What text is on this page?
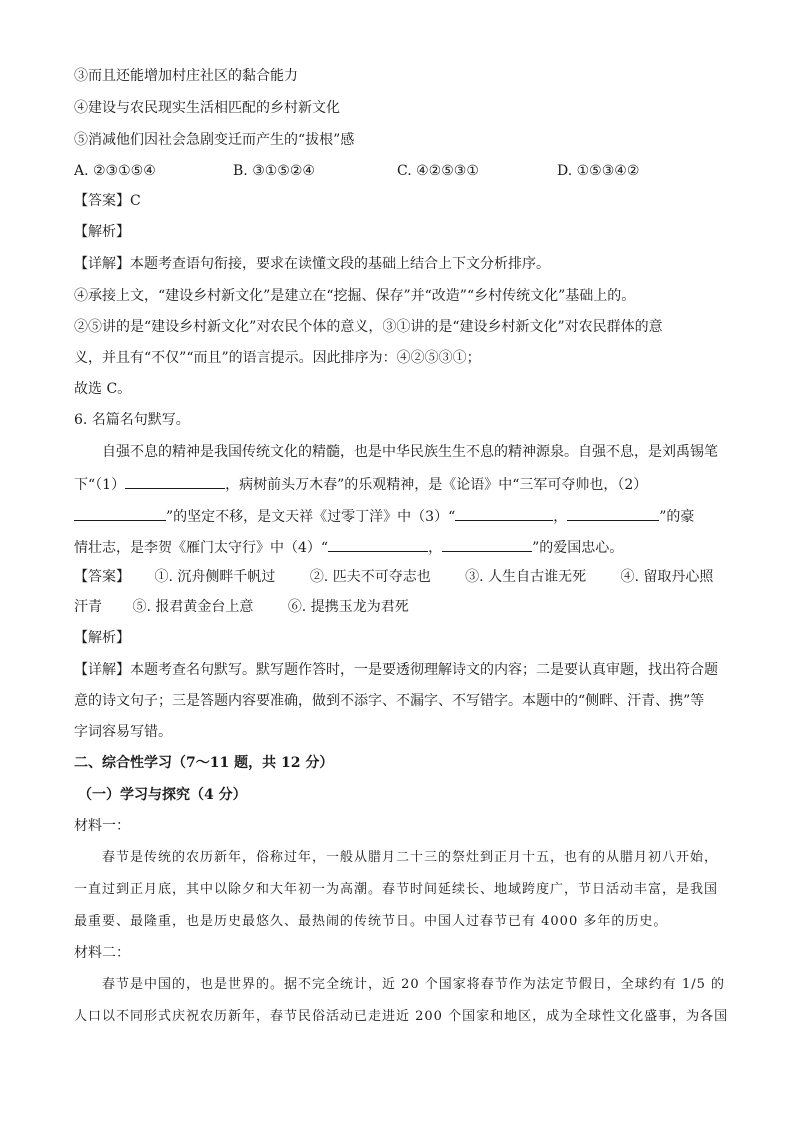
③而且还能增加村庄社区的黏合能力
④建设与农民现实生活相匹配的乡村新文化
⑤消减他们因社会急剧变迁而产生的“拔根”感
A. ②③①⑤④	B. ③①⑤②④	C. ④②⑤③①	D. ①⑤③④②
【答案】C
【解析】
【详解】本题考查语句衔接，要求在读懂文段的基础上结合上下文分析排序。
④承接上文，“建设乡村新文化”是建立在“挖掘、保存”并“改造”“乡村传统文化”基础上的。
②⑤讲的是“建设乡村新文化”对农民个体的意义，③①讲的是“建设乡村新文化”对农民群体的意
义，并且有“不仅”“而且”的语言提示。因此排序为：④②⑤③①；
故选 C。
6. 名篇名句默写。
自强不息的精神是我国传统文化的精髓，也是中华民族生生不息的精神源泉。自强不息，是刘禹锡笔
下“（1）	，病树前头万木春”的乐观精神，是《论语》中“三军可夺帅也，（2）
”的坚定不移，是文天祥《过零丁洋》中（3）“	，	”的豪
情壮志，是李贺《雁门太守行》中（4）“	，	”的爱国忠心。
【答案】 ①. 沉舟侧畔千帆过 ②. 匹夫不可夺志也 ③. 人生自古谁无死 ④. 留取丹心照
汗青 ⑤. 报君黄金台上意 ⑥. 提携玉龙为君死
【解析】
【详解】本题考查名句默写。默写题作答时，一是要透彻理解诗文的内容；二是要认真审题，找出符合题
意的诗文句子；三是答题内容要准确，做到不添字、不漏字、不写错字。本题中的“侧畔、汗青、携”等
字词容易写错。
二、综合性学习（7～11 题，共 12 分）
（一）学习与探究（4 分）
材料一：
春节是传统的农历新年，俗称过年，一般从腊月二十三的祭灶到正月十五，也有的从腊月初八开始，
一直过到正月底，其中以除夕和大年初一为高潮。春节时间延续长、地域跨度广，节日活动丰富，是我国
最重要、最隆重，也是历史最悠久、最热闹的传统节日。中国人过春节已有 4000 多年的历史。
材料二：
春节是中国的，也是世界的。据不完全统计，近 20 个国家将春节作为法定节假日，全球约有 1/5 的
人口以不同形式庆祝农历新年，春节民俗活动已走进近 200 个国家和地区，成为全球性文化盛事，为各国
